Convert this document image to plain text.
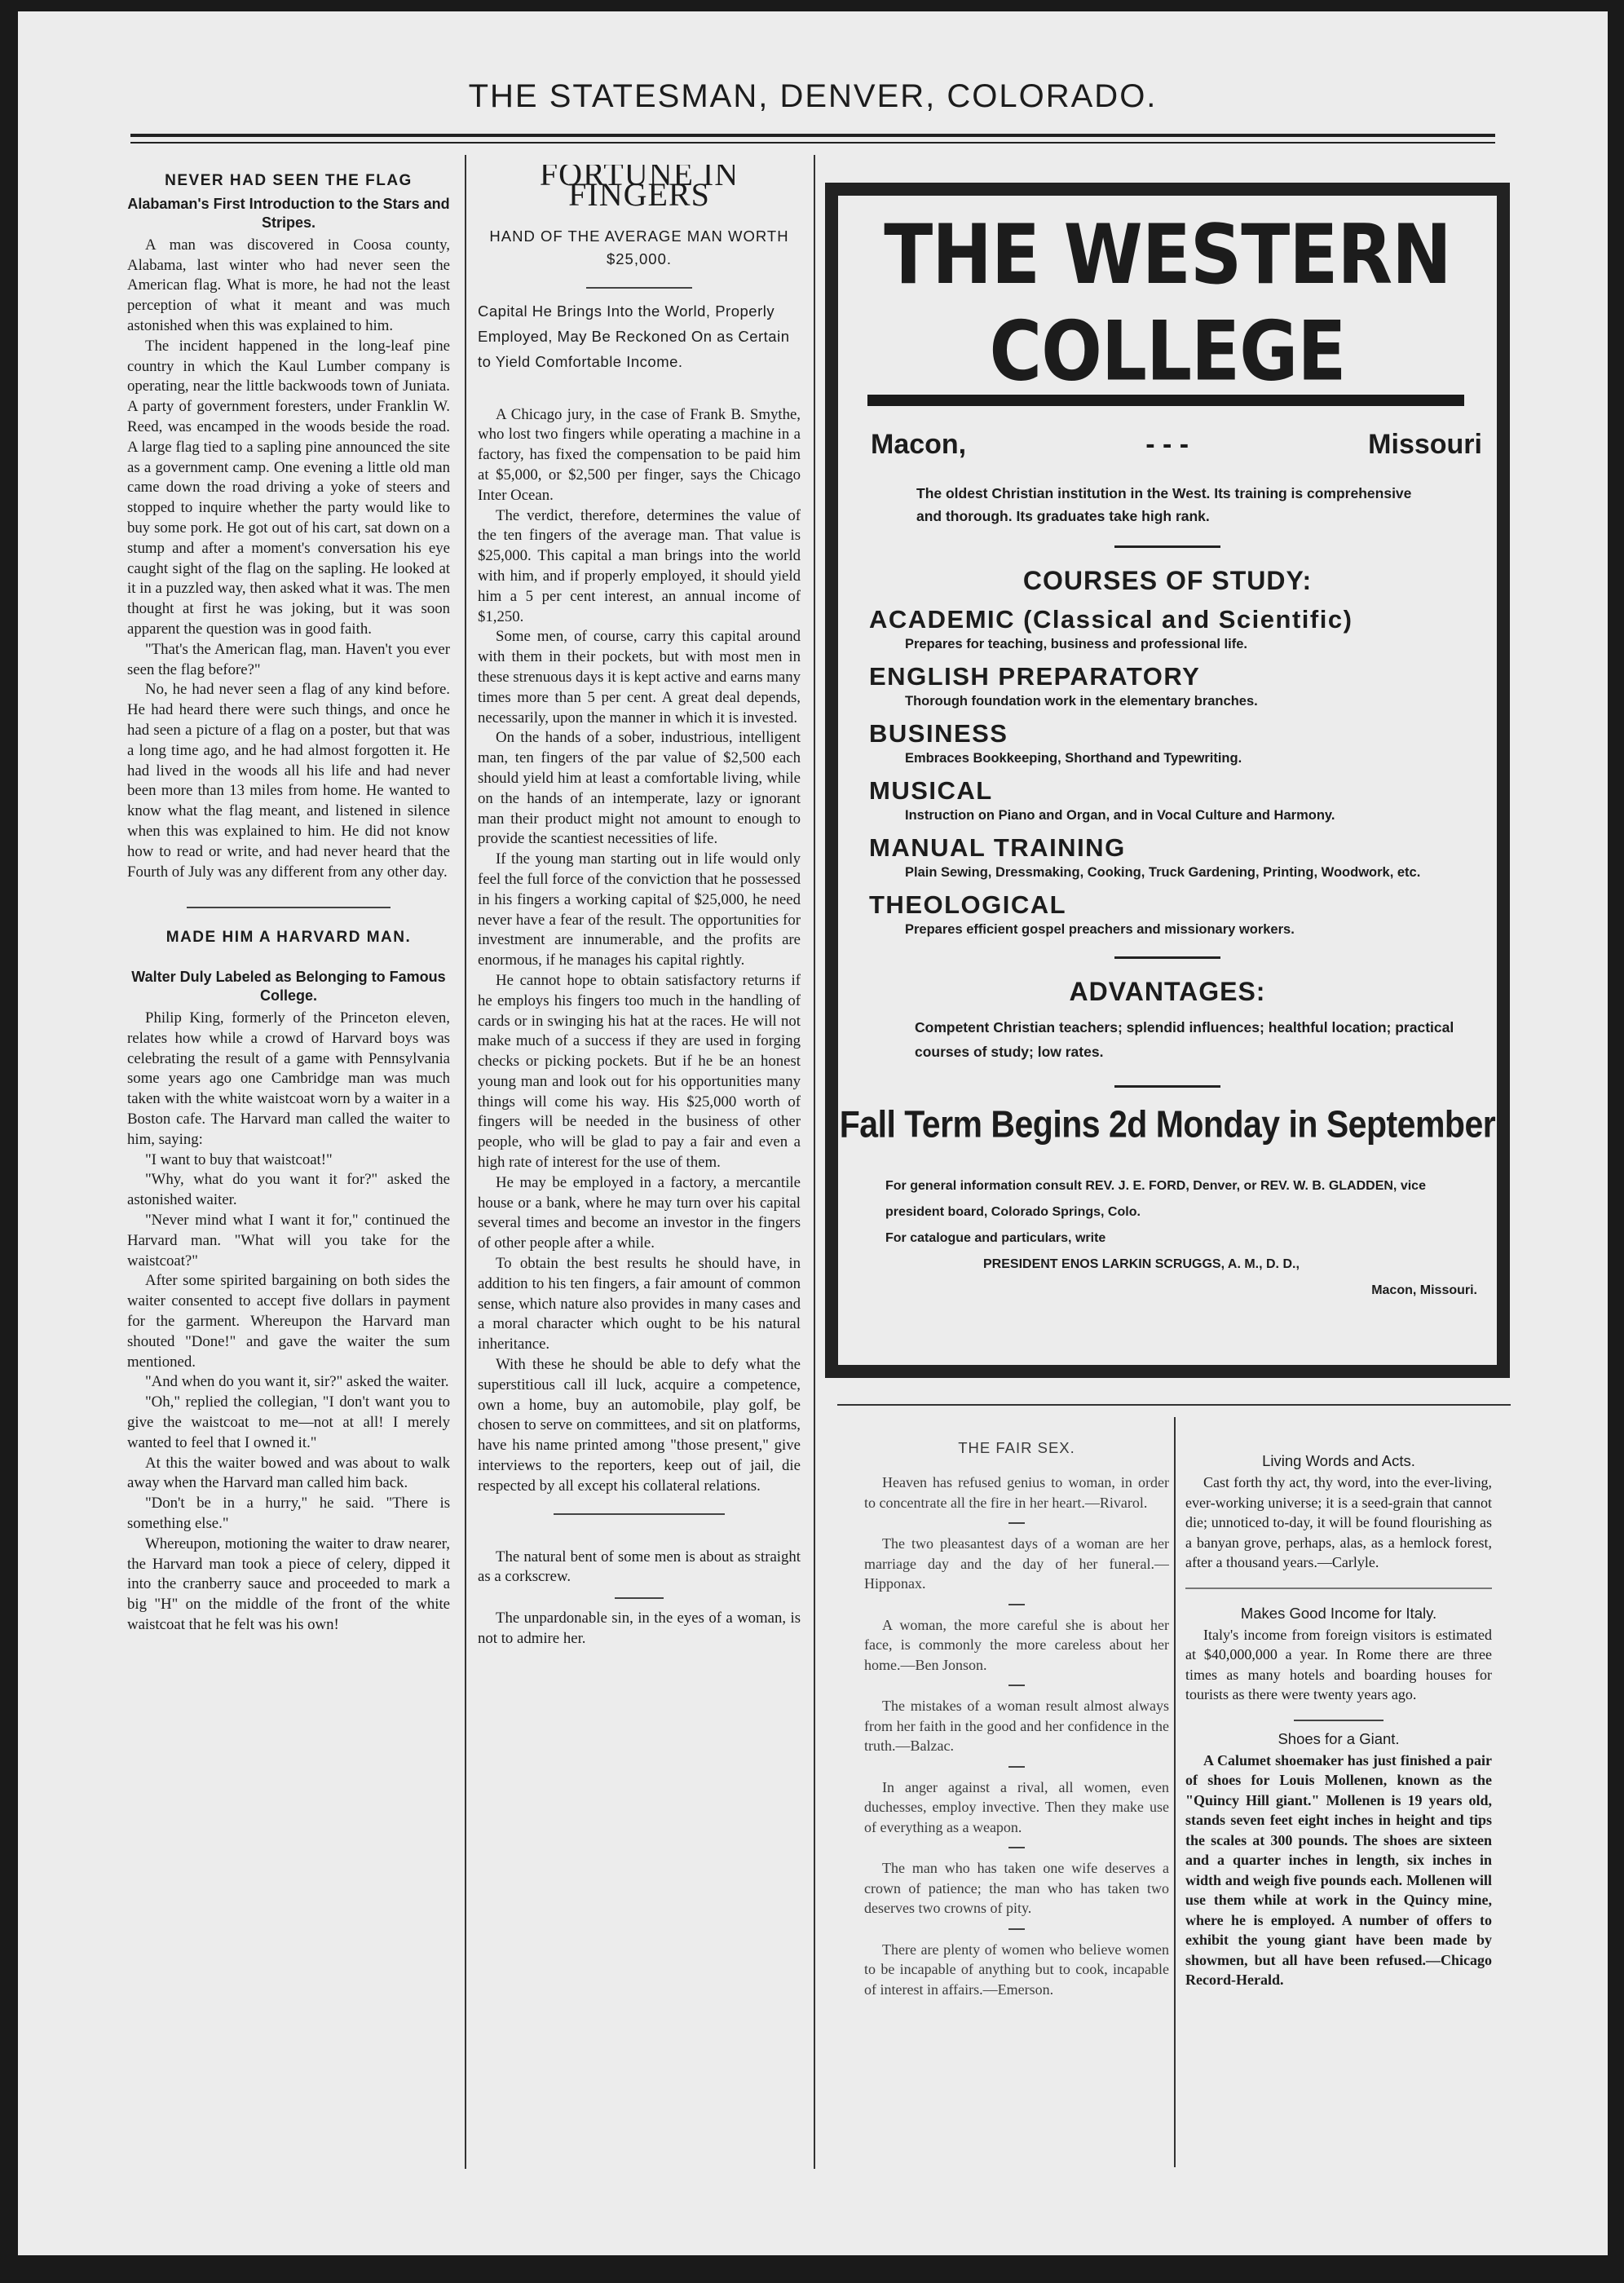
THE STATESMAN, DENVER, COLORADO.
NEVER HAD SEEN THE FLAG
Alabaman's First Introduction to the Stars and Stripes.

A man was discovered in Coosa county, Alabama, last winter who had never seen the American flag. What is more, he had not the least perception of what it meant and was much astonished when this was explained to him.

The incident happened in the long-leaf pine country in which the Kaul Lumber company is operating, near the little backwoods town of Juniata. A party of government foresters, under Franklin W. Reed, was encamped in the woods beside the road. A large flag tied to a sapling pine announced the site as a government camp. One evening a little old man came down the road driving a yoke of steers and stopped to inquire whether the party would like to buy some pork. He got out of his cart, sat down on a stump and after a moment's conversation his eye caught sight of the flag on the sapling. He looked at it in a puzzled way, then asked what it was. The men thought at first he was joking, but it was soon apparent the question was in good faith.

"That's the American flag, man. Haven't you ever seen the flag before?"

No, he had never seen a flag of any kind before. He had heard there were such things, and once he had seen a picture of a flag on a poster, but that was a long time ago, and he had almost forgotten it. He had lived in the woods all his life and had never been more than 13 miles from home. He wanted to know what the flag meant, and listened in silence when this was explained to him. He did not know how to read or write, and had never heard that the Fourth of July was any different from any other day.

MADE HIM A HARVARD MAN.
Walter Duly Labeled as Belonging to Famous College.

Philip King, formerly of the Princeton eleven, relates how while a crowd of Harvard boys was celebrating the result of a game with Pennsylvania some years ago one Cambridge man was much taken with the white waistcoat worn by a waiter in a Boston cafe. The Harvard man called the waiter to him, saying:

"I want to buy that waistcoat!"

"Why, what do you want it for?" asked the astonished waiter.

"Never mind what I want it for," continued the Harvard man. "What will you take for the waistcoat?"

After some spirited bargaining on both sides the waiter consented to accept five dollars in payment for the garment. Whereupon the Harvard man shouted "Done!" and gave the waiter the sum mentioned.

"And when do you want it, sir?" asked the waiter.

"Oh," replied the collegian, "I don't want you to give the waistcoat to me—not at all! I merely wanted to feel that I owned it."

At this the waiter bowed and was about to walk away when the Harvard man called him back.

"Don't be in a hurry," he said. "There is something else."

Whereupon, motioning the waiter to draw nearer, the Harvard man took a piece of celery, dipped it into the cranberry sauce and proceeded to mark a big "H" on the middle of the front of the white waistcoat that he felt was his own!

FORTUNE IN FINGERS
HAND OF THE AVERAGE MAN WORTH $25,000.
Capital He Brings Into the World, Properly Employed, May Be Reckoned On as Certain to Yield Comfortable Income.

A Chicago jury, in the case of Frank B. Smythe, who lost two fingers while operating a machine in a factory, has fixed the compensation to be paid him at $5,000, or $2,500 per finger, says the Chicago Inter Ocean.

The verdict, therefore, determines the value of the ten fingers of the average man. That value is $25,000. This capital a man brings into the world with him, and if properly employed, it should yield him a 5 per cent interest, an annual income of $1,250.

Some men, of course, carry this capital around with them in their pockets, but with most men in these strenuous days it is kept active and earns many times more than 5 per cent. A great deal depends, necessarily, upon the manner in which it is invested.

On the hands of a sober, industrious, intelligent man, ten fingers of the par value of $2,500 each should yield him at least a comfortable living, while on the hands of an intemperate, lazy or ignorant man their product might not amount to enough to provide the scantiest necessities of life.

If the young man starting out in life would only feel the full force of the conviction that he possessed in his fingers a working capital of $25,000, he need never have a fear of the result. The opportunities for investment are innumerable, and the profits are enormous, if he manages his capital rightly.

He cannot hope to obtain satisfactory returns if he employs his fingers too much in the handling of cards or in swinging his hat at the races. He will not make much of a success if they are used in forging checks or picking pockets. But if he be an honest young man and look out for his opportunities many things will come his way. His $25,000 worth of fingers will be needed in the business of other people, who will be glad to pay a fair and even a high rate of interest for the use of them.

He may be employed in a factory, a mercantile house or a bank, where he may turn over his capital several times and become an investor in the fingers of other people after a while.

To obtain the best results he should have, in addition to his ten fingers, a fair amount of common sense, which nature also provides in many cases and a moral character which ought to be his natural inheritance.

With these he should be able to defy what the superstitious call ill luck, acquire a competence, own a home, buy an automobile, play golf, be chosen to serve on committees, and sit on platforms, have his name printed among "those present," give interviews to the reporters, keep out of jail, die respected by all except his collateral relations.

The natural bent of some men is about as straight as a corkscrew.

The unpardonable sin, in the eyes of a woman, is not to admire her.

THE WESTERN COLLEGE
Macon,	- - -	Missouri
The oldest Christian institution in the West. Its training is comprehensive and thorough. Its graduates take high rank.
COURSES OF STUDY:
ACADEMIC (Classical and Scientific)
Prepares for teaching, business and professional life.
ENGLISH PREPARATORY
Thorough foundation work in the elementary branches.
BUSINESS
Embraces Bookkeeping, Shorthand and Typewriting.
MUSICAL
Instruction on Piano and Organ, and in Vocal Culture and Harmony.
MANUAL TRAINING
Plain Sewing, Dressmaking, Cooking, Truck Gardening, Printing, Woodwork, etc.
THEOLOGICAL
Prepares efficient gospel preachers and missionary workers.
ADVANTAGES:
Competent Christian teachers; splendid influences; healthful location; practical courses of study; low rates.
Fall Term Begins 2d Monday in September
For general information consult REV. J. E. FORD, Denver, or REV. W. B. GLADDEN, vice president board, Colorado Springs, Colo.
For catalogue and particulars, write
PRESIDENT ENOS LARKIN SCRUGGS, A. M., D. D.,
Macon, Missouri.
THE FAIR SEX.

Heaven has refused genius to woman, in order to concentrate all the fire in her heart.—Rivarol.

The two pleasantest days of a woman are her marriage day and the day of her funeral.—Hipponax.

A woman, the more careful she is about her face, is commonly the more careless about her home.—Ben Jonson.

The mistakes of a woman result almost always from her faith in the good and her confidence in the truth.—Balzac.

In anger against a rival, all women, even duchesses, employ invective. Then they make use of everything as a weapon.

The man who has taken one wife deserves a crown of patience; the man who has taken two deserves two crowns of pity.

There are plenty of women who believe women to be incapable of anything but to cook, incapable of interest in affairs.—Emerson.

Living Words and Acts.

Cast forth thy act, thy word, into the ever-living, ever-working universe; it is a seed-grain that cannot die; unnoticed to-day, it will be found flourishing as a banyan grove, perhaps, alas, as a hemlock forest, after a thousand years.—Carlyle.

Makes Good Income for Italy.

Italy's income from foreign visitors is estimated at $40,000,000 a year. In Rome there are three times as many hotels and boarding houses for tourists as there were twenty years ago.

Shoes for a Giant.

A Calumet shoemaker has just finished a pair of shoes for Louis Mollenen, known as the "Quincy Hill giant." Mollenen is 19 years old, stands seven feet eight inches in height and tips the scales at 300 pounds. The shoes are sixteen and a quarter inches in length, six inches in width and weigh five pounds each. Mollenen will use them while at work in the Quincy mine, where he is employed. A number of offers to exhibit the young giant have been made by showmen, but all have been refused.—Chicago Record-Herald.
